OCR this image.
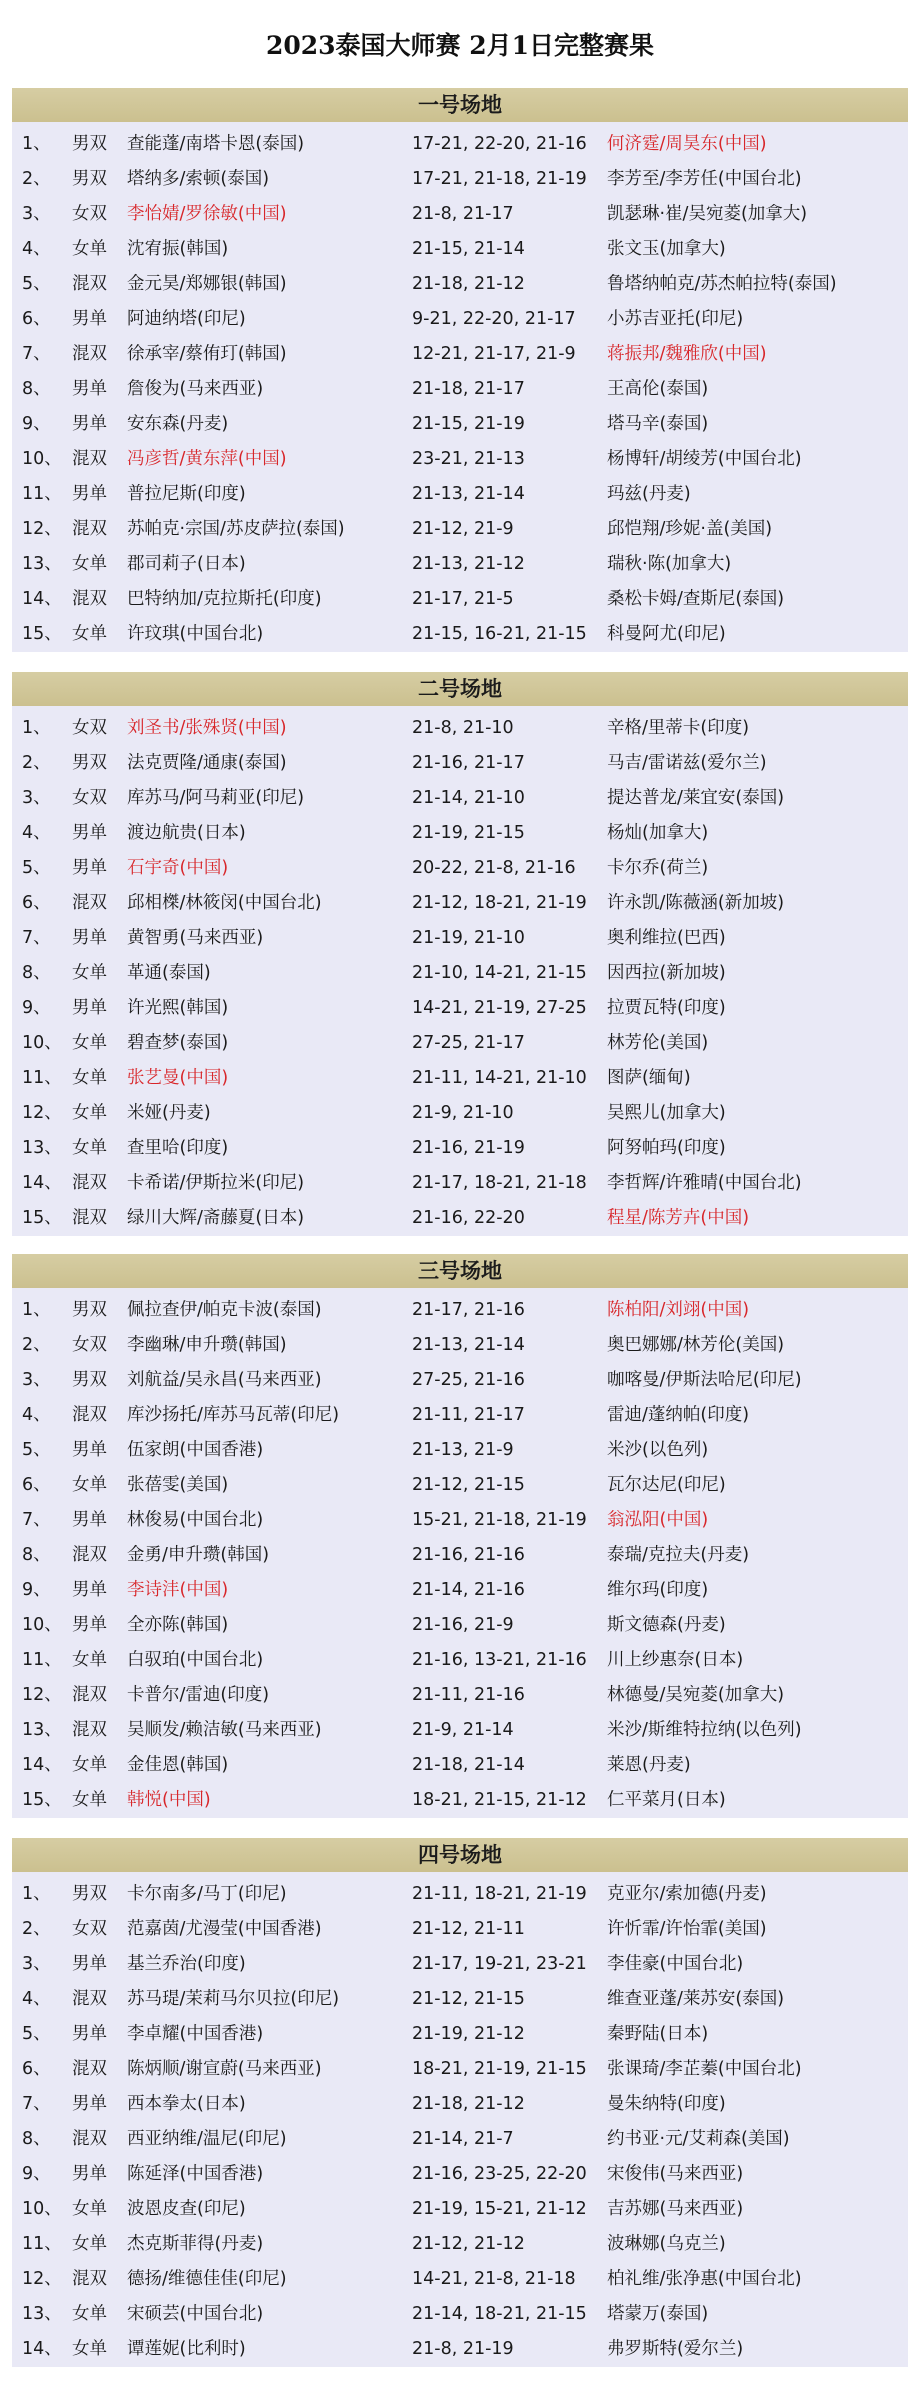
2023泰国大师赛 2月1日完整赛果
一号场地
1、 男双 查能蓬/南塔卡恩(泰国)	17-21, 22-20, 21-16 何济霆/周昊东(中国)
2、 男双 塔纳多/索顿(泰国)	17-21, 21-18, 21-19 李芳至/李芳任(中国台北)
3、 女双 李怡婧/罗徐敏(中国)	21-8, 21-17	凯瑟琳·崔/吴宛菱(加拿大)
4、 女单 沈宥振(韩国)	21-15, 21-14	张文玉(加拿大)
5、 混双 金元昊/郑娜银(韩国)	21-18, 21-12	鲁塔纳帕克/苏杰帕拉特(泰国)
6、 男单 阿迪纳塔(印尼)	9-21, 22-20, 21-17 小苏吉亚托(印尼)
7、 混双 徐承宰/蔡侑玎(韩国)	12-21, 21-17, 21-9 蒋振邦/魏雅欣(中国)
8、 男单 詹俊为(马来西亚)	21-18, 21-17	王高伦(泰国)
9、 男单 安东森(丹麦)	21-15, 21-19	塔马辛(泰国)
10、 混双 冯彦哲/黄东萍(中国)	23-21, 21-13	杨博轩/胡绫芳(中国台北)
11、 男单 普拉尼斯(印度)	21-13, 21-14	玛兹(丹麦)
12、 混双 苏帕克·宗国/苏皮萨拉(泰国)	21-12, 21-9	邱恺翔/珍妮·盖(美国)
13、 女单 郡司莉子(日本)	21-13, 21-12	瑞秋·陈(加拿大)
14、 混双 巴特纳加/克拉斯托(印度)	21-17, 21-5	桑松卡姆/查斯尼(泰国)
15、 女单 许玟琪(中国台北)	21-15, 16-21, 21-15 科曼阿尤(印尼)
二号场地
1、 女双 刘圣书/张殊贤(中国)	21-8, 21-10	辛格/里蒂卡(印度)
2、 男双 法克贾隆/通康(泰国)	21-16, 21-17	马吉/雷诺兹(爱尔兰)
3、 女双 库苏马/阿马莉亚(印尼)	21-14, 21-10	提达普龙/莱宜安(泰国)
4、 男单 渡边航贵(日本)	21-19, 21-15	杨灿(加拿大)
5、 男单 石宇奇(中国)	20-22, 21-8, 21-16 卡尔乔(荷兰)
6、 混双 邱相榤/林筱闵(中国台北)	21-12, 18-21, 21-19 许永凯/陈薇涵(新加坡)
7、 男单 黄智勇(马来西亚)	21-19, 21-10	奥利维拉(巴西)
8、 女单 革通(泰国)	21-10, 14-21, 21-15 因西拉(新加坡)
9、 男单 许光熙(韩国)	14-21, 21-19, 27-25 拉贾瓦特(印度)
10、 女单 碧查梦(泰国)	27-25, 21-17	林芳伦(美国)
11、 女单 张艺曼(中国)	21-11, 14-21, 21-10 图萨(缅甸)
12、 女单 米娅(丹麦)	21-9, 21-10	吴熙儿(加拿大)
13、 女单 查里哈(印度)	21-16, 21-19	阿努帕玛(印度)
14、 混双 卡希诺/伊斯拉米(印尼)	21-17, 18-21, 21-18 李哲辉/许雅晴(中国台北)
15、 混双 绿川大辉/斋藤夏(日本)	21-16, 22-20	程星/陈芳卉(中国)
三号场地
1、 男双 佩拉查伊/帕克卡波(泰国)	21-17, 21-16	陈柏阳/刘翊(中国)
2、 女双 李幽琳/申升瓒(韩国)	21-13, 21-14	奥巴娜娜/林芳伦(美国)
3、 男双 刘航益/吴永昌(马来西亚)	27-25, 21-16	咖喀曼/伊斯法哈尼(印尼)
4、 混双 库沙扬托/库苏马瓦蒂(印尼)	21-11, 21-17	雷迪/蓬纳帕(印度)
5、 男单 伍家朗(中国香港)	21-13, 21-9	米沙(以色列)
6、 女单 张蓓雯(美国)	21-12, 21-15	瓦尔达尼(印尼)
7、 男单 林俊易(中国台北)	15-21, 21-18, 21-19 翁泓阳(中国)
8、 混双 金勇/申升瓒(韩国)	21-16, 21-16	泰瑞/克拉夫(丹麦)
9、 男单 李诗沣(中国)	21-14, 21-16	维尔玛(印度)
10、 男单 全亦陈(韩国)	21-16, 21-9	斯文德森(丹麦)
11、 女单 白驭珀(中国台北)	21-16, 13-21, 21-16 川上纱惠奈(日本)
12、 混双 卡普尔/雷迪(印度)	21-11, 21-16	林德曼/吴宛菱(加拿大)
13、 混双 吴顺发/赖洁敏(马来西亚)	21-9, 21-14	米沙/斯维特拉纳(以色列)
14、 女单 金佳恩(韩国)	21-18, 21-14	莱恩(丹麦)
15、 女单 韩悦(中国)	18-21, 21-15, 21-12 仁平菜月(日本)
四号场地
1、 男双 卡尔南多/马丁(印尼)	21-11, 18-21, 21-19 克亚尔/索加德(丹麦)
2、 女双 范嘉茵/尤漫莹(中国香港)	21-12, 21-11	许忻霏/许怡霏(美国)
3、 男单 基兰乔治(印度)	21-17, 19-21, 23-21 李佳豪(中国台北)
4、 混双 苏马瑅/茉莉马尔贝拉(印尼)	21-12, 21-15	维查亚蓬/莱苏安(泰国)
5、 男单 李卓耀(中国香港)	21-19, 21-12	秦野陆(日本)
6、 混双 陈炳顺/谢宣蔚(马来西亚)	18-21, 21-19, 21-15 张课琦/李芷蓁(中国台北)
7、 男单 西本拳太(日本)	21-18, 21-12	曼朱纳特(印度)
8、 混双 西亚纳维/温尼(印尼)	21-14, 21-7	约书亚·元/艾莉森(美国)
9、 男单 陈延泽(中国香港)	21-16, 23-25, 22-20 宋俊伟(马来西亚)
10、 女单 波恩皮查(印尼)	21-19, 15-21, 21-12 吉苏娜(马来西亚)
11、 女单 杰克斯菲得(丹麦)	21-12, 21-12	波琳娜(乌克兰)
12、 混双 德扬/维德佳佳(印尼)	14-21, 21-8, 21-18 柏礼维/张净惠(中国台北)
13、 女单 宋硕芸(中国台北)	21-14, 18-21, 21-15 塔蒙万(泰国)
14、 女单 谭莲妮(比利时)	21-8, 21-19	弗罗斯特(爱尔兰)
